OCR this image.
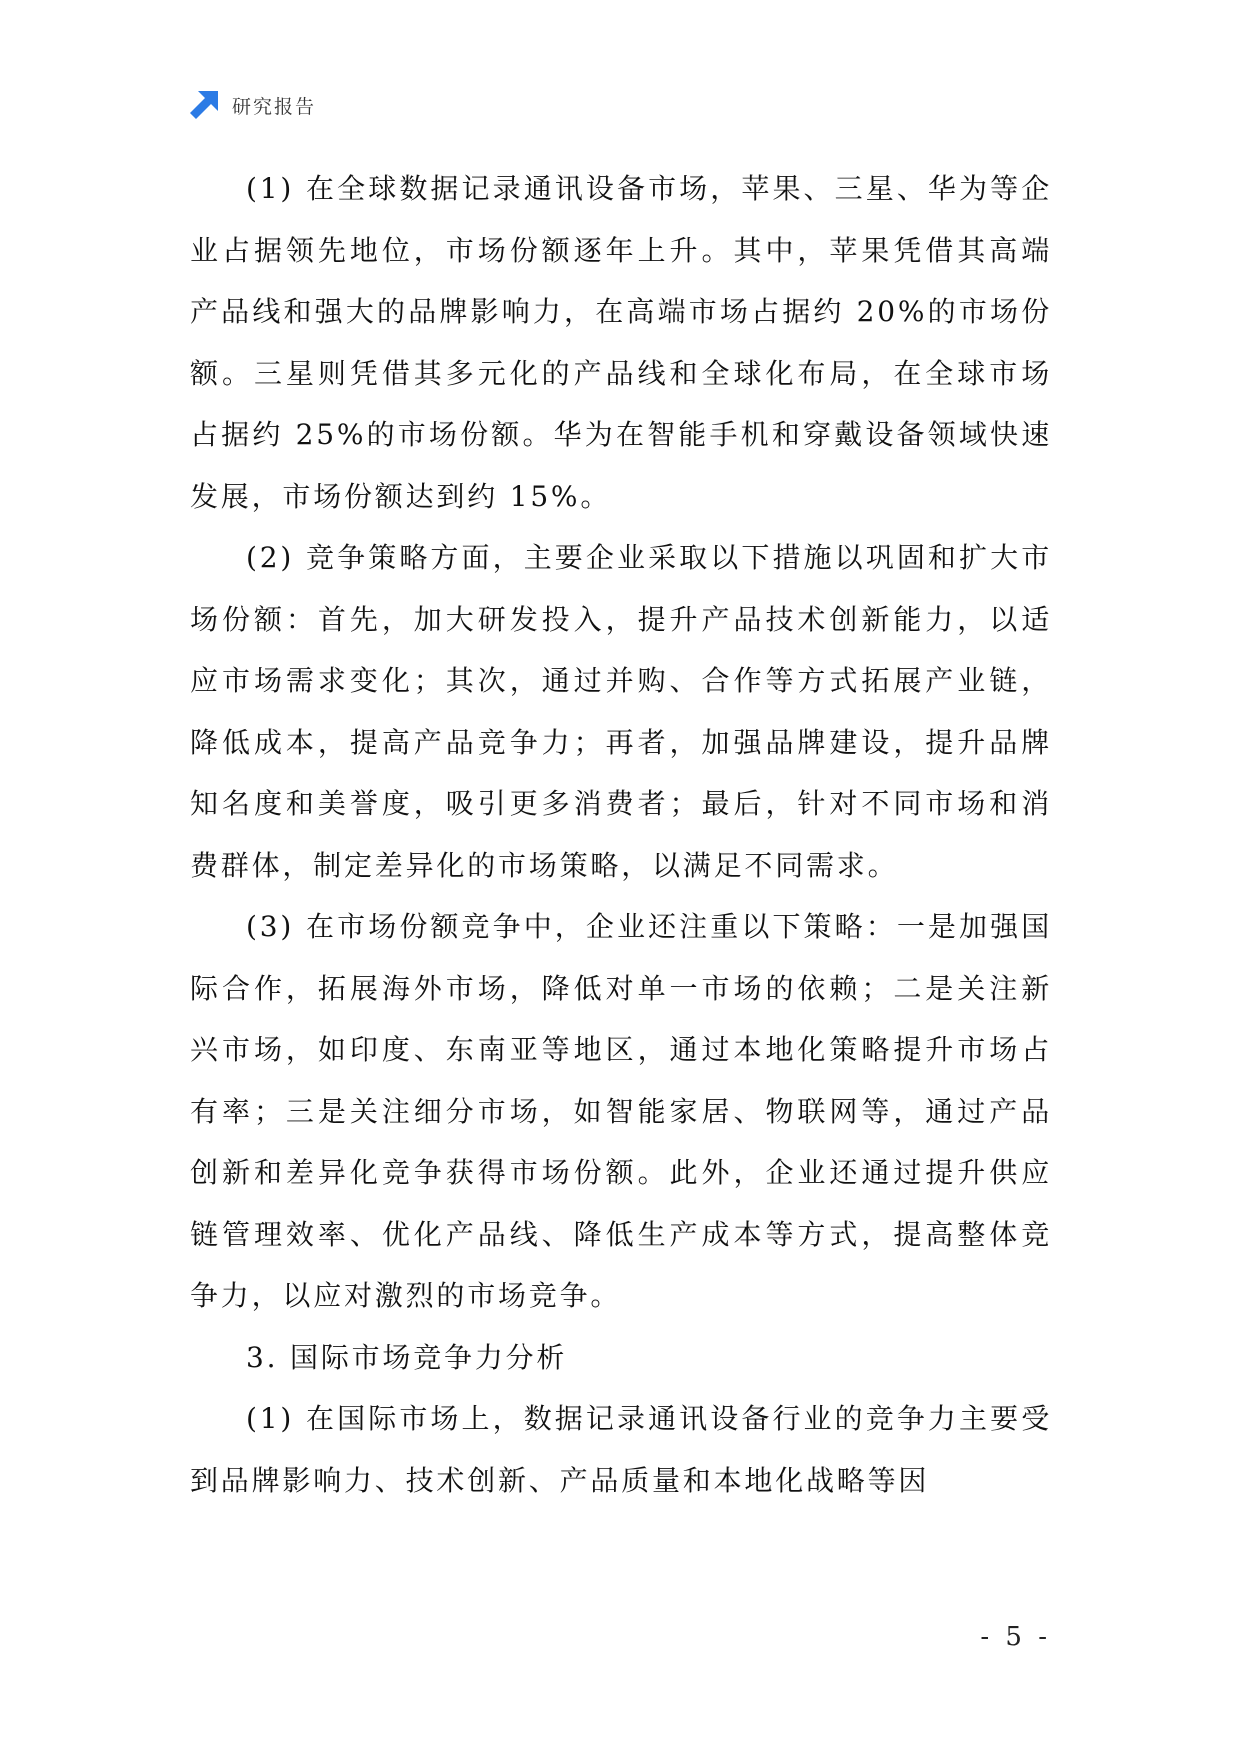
研究报告

(1) 在全球数据记录通讯设备市场，苹果、三星、华为等企业占据领先地位，市场份额逐年上升。其中，苹果凭借其高端产品线和强大的品牌影响力，在高端市场占据约 20%的市场份额。三星则凭借其多元化的产品线和全球化布局，在全球市场占据约 25%的市场份额。华为在智能手机和穿戴设备领域快速发展，市场份额达到约 15%。

(2) 竞争策略方面，主要企业采取以下措施以巩固和扩大市场份额：首先，加大研发投入，提升产品技术创新能力，以适应市场需求变化；其次，通过并购、合作等方式拓展产业链，降低成本，提高产品竞争力；再者，加强品牌建设，提升品牌知名度和美誉度，吸引更多消费者；最后，针对不同市场和消费群体，制定差异化的市场策略，以满足不同需求。

(3) 在市场份额竞争中，企业还注重以下策略：一是加强国际合作，拓展海外市场，降低对单一市场的依赖；二是关注新兴市场，如印度、东南亚等地区，通过本地化策略提升市场占有率；三是关注细分市场，如智能家居、物联网等，通过产品创新和差异化竞争获得市场份额。此外，企业还通过提升供应链管理效率、优化产品线、降低生产成本等方式，提高整体竞争力，以应对激烈的市场竞争。

3. 国际市场竞争力分析

(1) 在国际市场上，数据记录通讯设备行业的竞争力主要受到品牌影响力、技术创新、产品质量和本地化战略等因

- 5 -
